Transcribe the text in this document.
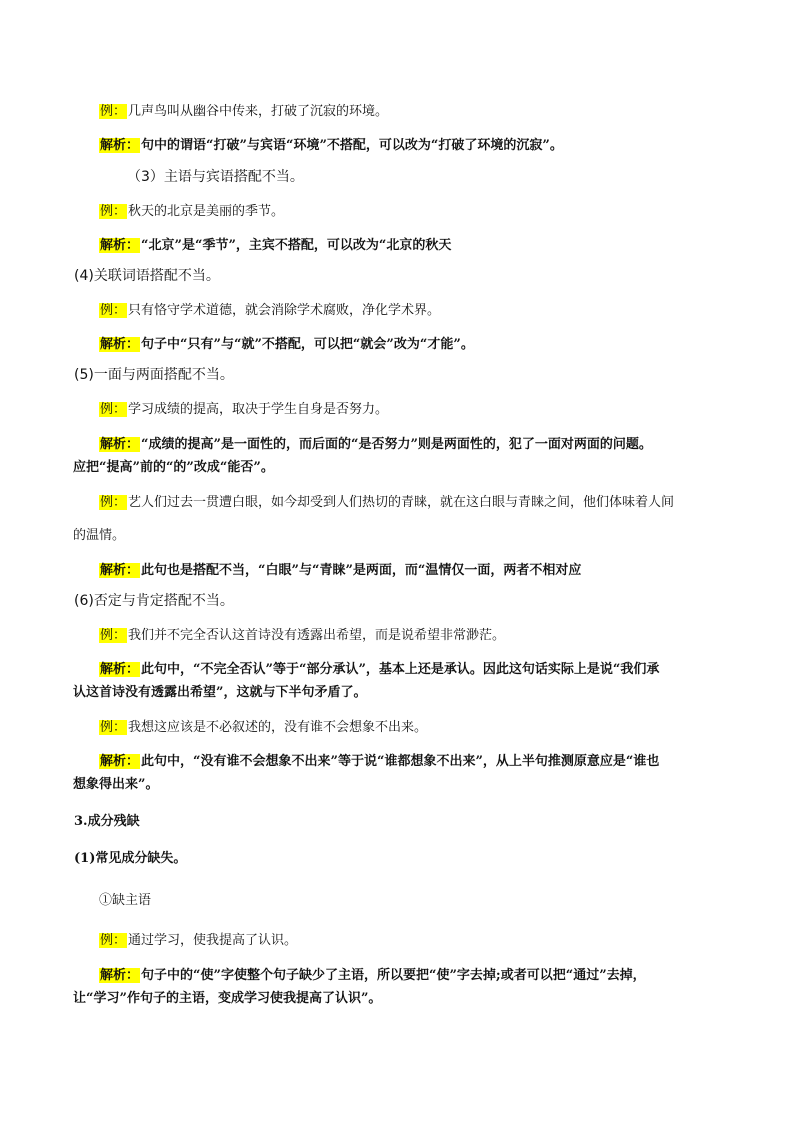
例： 几声鸟叫从幽谷中传来，打破了沉寂的环境。
解析： 句中的谓语“打破”与宾语“环境”不搭配，可以改为“打破了环境的沉寂”。
（3）主语与宾语搭配不当。
例： 秋天的北京是美丽的季节。
解析： “北京”是“季节”，主宾不搭配，可以改为“北京的秋天
(4)关联词语搭配不当。
例： 只有恪守学术道德，就会消除学术腐败，净化学术界。
解析： 句子中“只有”与“就”不搭配，可以把“就会”改为“才能”。
(5)一面与两面搭配不当。
例： 学习成绩的提高，取决于学生自身是否努力。
解析： “成绩的提高”是一面性的，而后面的“是否努力”则是两面性的，犯了一面对两面的问题。
应把“提高”前的“的”改成“能否”。
例： 艺人们过去一贯遭白眼，如今却受到人们热切的青睐，就在这白眼与青睐之间，他们体味着人间
的温情。
解析： 此句也是搭配不当，“白眼”与“青睐”是两面，而“温情仅一面，两者不相对应
(6)否定与肯定搭配不当。
例： 我们并不完全否认这首诗没有透露出希望，而是说希望非常渺茫。
解析： 此句中，“不完全否认”等于“部分承认”，基本上还是承认。因此这句话实际上是说“我们承
认这首诗没有透露出希望”，这就与下半句矛盾了。
例： 我想这应该是不必叙述的，没有谁不会想象不出来。
解析： 此句中，“没有谁不会想象不出来”等于说“谁都想象不出来”，从上半句推测原意应是“谁也
想象得出来”。
3.成分残缺
(1)常见成分缺失。
①缺主语
例： 通过学习，使我提高了认识。
解析： 句子中的“使”字使整个句子缺少了主语，所以要把“使”字去掉;或者可以把“通过”去掉，
让“学习”作句子的主语，变成学习使我提高了认识”。
